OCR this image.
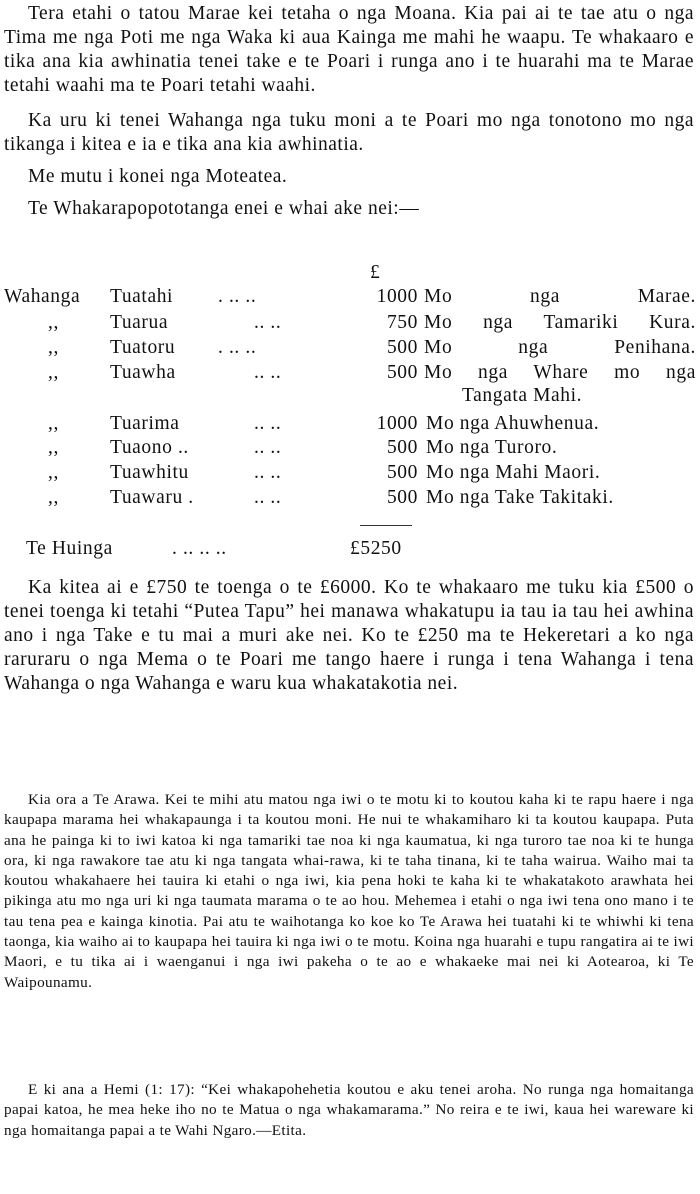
Tera etahi o tatou Marae kei tetaha o nga Moana. Kia pai ai te tae atu o nga Tima me nga Poti me nga Waka ki aua Kainga me mahi he waapu. Te whakaaro e tika ana kia awhinatia tenei take e te Poari i runga ano i te huarahi ma te Marae tetahi waahi ma te Poari tetahi waahi.

Ka uru ki tenei Wahanga nga tuku moni a te Poari mo nga tonotono mo nga tikanga i kitea e ia e tika ana kia awhinatia.

Me mutu i konei nga Moteatea.

Te Whakarapopototanga enei e whai ake nei:—

£
Wahanga Tuatahi . .. ..	1000 Mo nga Marae.
,,	Tuarua	.. ..	750 Mo nga Tamariki Kura.
,,	Tuatoru . .. ..	500 Mo nga Penihana.
,,	Tuawha	.. ..	500 Mo nga Whare mo nga
Tangata Mahi.
,,	Tuarima	.. ..	1000 Mo nga Ahuwhenua.
,,	Tuaono ..	.. ..	500 Mo nga Turoro.
,,	Tuawhitu	.. ..	500 Mo nga Mahi Maori.
,,	Tuawaru .	.. ..	500 Mo nga Take Takitaki.
Te Huinga	. .. .. ..	£5250

Ka kitea ai e £750 te toenga o te £6000. Ko te whakaaro me tuku kia £500 o tenei toenga ki tetahi “Putea Tapu” hei manawa whakatupu ia tau ia tau hei awhina ano i nga Take e tu mai a muri ake nei. Ko te £250 ma te Hekeretari a ko nga raruraru o nga Mema o te Poari me tango haere i runga i tena Wahanga i tena Wahanga o nga Wahanga e waru kua whakatakotia nei.

Kia ora a Te Arawa. Kei te mihi atu matou nga iwi o te motu ki to koutou kaha ki te rapu haere i nga kaupapa marama hei whakapaunga i ta koutou moni. He nui te whakamiharo ki ta koutou kaupapa. Puta ana he painga ki to iwi katoa ki nga tamariki tae noa ki nga kaumatua, ki nga turoro tae noa ki te hunga ora, ki nga rawakore tae atu ki nga tangata whai-rawa, ki te taha tinana, ki te taha wairua. Waiho mai ta koutou whakahaere hei tauira ki etahi o nga iwi, kia pena hoki te kaha ki te whakatakoto arawhata hei pikinga atu mo nga uri ki nga taumata marama o te ao hou. Mehemea i etahi o nga iwi tena ono mano i te tau tena pea e kainga kinotia. Pai atu te waihotanga ko koe ko Te Arawa hei tuatahi ki te whiwhi ki tena taonga, kia waiho ai to kaupapa hei tauira ki nga iwi o te motu. Koina nga huarahi e tupu rangatira ai te iwi Maori, e tu tika ai i waenganui i nga iwi pakeha o te ao e whakaeke mai nei ki Aotearoa, ki Te Waipounamu.

E ki ana a Hemi (1: 17): “Kei whakapohehetia koutou e aku tenei aroha. No runga nga homaitanga papai katoa, he mea heke iho no te Matua o nga whakamarama.” No reira e te iwi, kaua hei wareware ki nga homaitanga papai a te Wahi Ngaro.—Etita.
